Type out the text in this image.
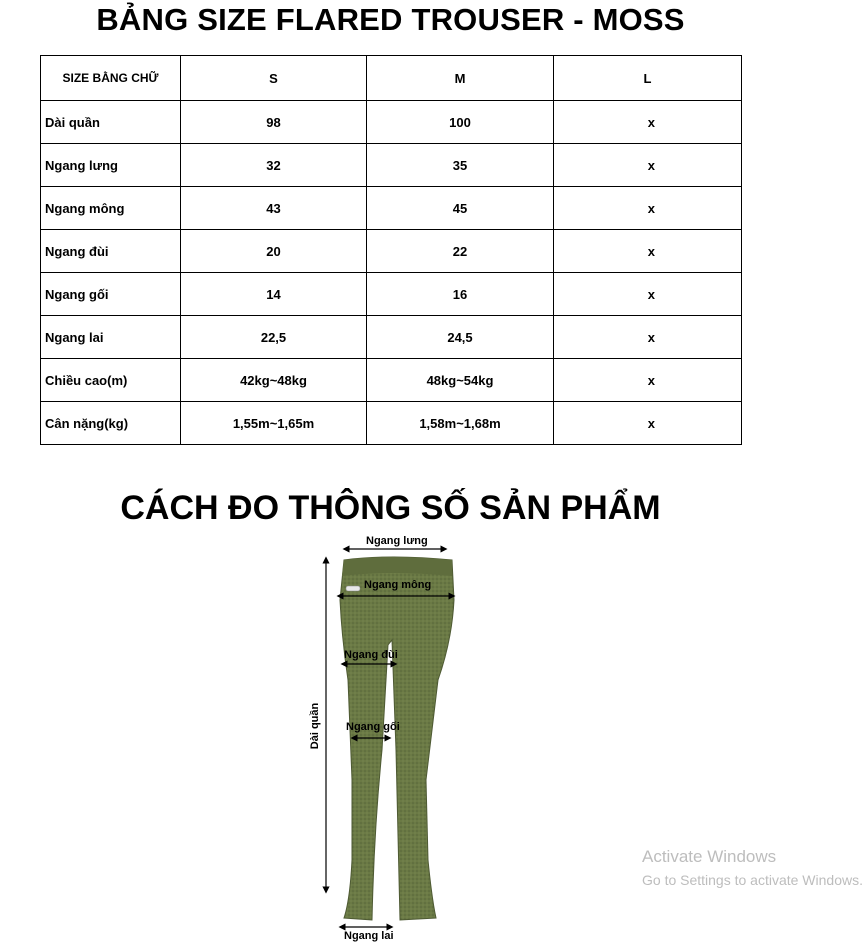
BẢNG SIZE FLARED TROUSER - MOSS
SIZE BẰNG CHỮ	S	M	L
Dài quần	98	100	x
Ngang lưng	32	35	x
Ngang mông	43	45	x
Ngang đùi	20	22	x
Ngang gối	14	16	x
Ngang lai	22,5	24,5	x
Chiều cao(m)	42kg~48kg	48kg~54kg	x
Cân nặng(kg)	1,55m~1,65m	1,58m~1,68m	x
CÁCH ĐO THÔNG SỐ SẢN PHẨM
Ngang lưng
Ngang mông
Ngang đùi
Ngang gối
Dài quần
Ngang lai
Activate Windows
Go to Settings to activate Windows.
